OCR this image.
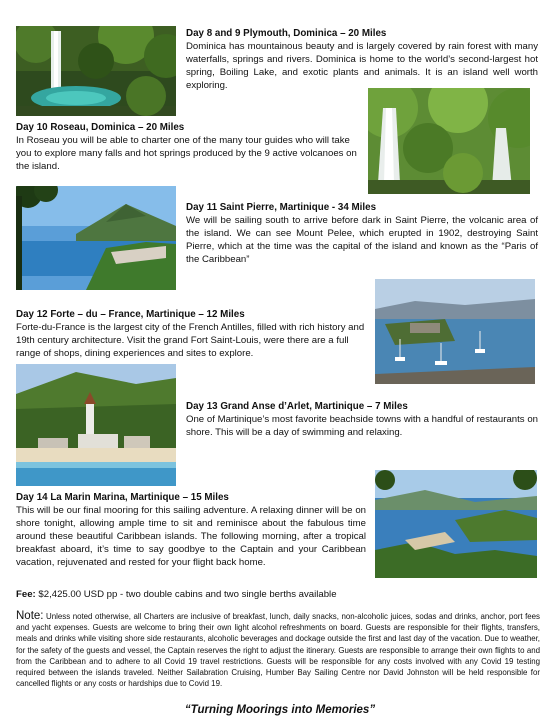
Day 8 and 9 Plymouth, Dominica – 20 Miles
Dominica has mountainous beauty and is largely covered by rain forest with many waterfalls, springs and rivers. Dominica is home to the world’s second-largest hot spring, Boiling Lake, and exotic plants and animals. It is an island well worth exploring.
Day 10 Roseau, Dominica – 20 Miles
In Roseau you will be able to charter one of the many tour guides who will take you to explore many falls and hot springs produced by the 9 active volcanoes on the island.
Day 11 Saint Pierre, Martinique - 34 Miles
We will be sailing south to arrive before dark in Saint Pierre, the volcanic area of the island. We can see Mount Pelee, which erupted in 1902, destroying Saint Pierre, which at the time was the capital of the island and known as the “Paris of the Caribbean”
Day 12 Forte – du – France, Martinique – 12 Miles
Forte-du-France is the largest city of the French Antilles, filled with rich history and 19th century architecture. Visit the grand Fort Saint-Louis, were there are a full range of shops, dining experiences and sites to explore.
Day 13 Grand Anse d’Arlet, Martinique – 7 Miles
One of Martinique’s most favorite beachside towns with a handful of restaurants on shore. This will be a day of swimming and relaxing.
Day 14 La Marin Marina, Martinique – 15 Miles
This will be our final mooring for this sailing adventure. A relaxing dinner will be on shore tonight, allowing ample time to sit and reminisce about the fabulous time around these beautiful Caribbean islands. The following morning, after a tropical breakfast aboard, it’s time to say goodbye to the Captain and your Caribbean vacation, rejuvenated and rested for your flight back home.
Fee: $2,425.00 USD pp - two double cabins and two single berths available
Note: Unless noted otherwise, all Charters are inclusive of breakfast, lunch, daily snacks, non-alcoholic juices, sodas and drinks, anchor, port fees and yacht expenses. Guests are welcome to bring their own light alcohol refreshments on board. Guests are responsible for their flights, transfers, meals and drinks while visiting shore side restaurants, alcoholic beverages and dockage outside the first and last day of the vacation. Due to weather, for the safety of the guests and vessel, the Captain reserves the right to adjust the itinerary. Guests are responsible to arrange their own flights to and from the Caribbean and to adhere to all Covid 19 travel restrictions. Guests will be responsible for any costs involved with any Covid 19 testing required between the islands traveled. Neither Sailabration Cruising, Humber Bay Sailing Centre nor David Johnston will be held responsible for cancelled flights or any costs or hardships due to Covid 19.
“Turning Moorings into Memories”
